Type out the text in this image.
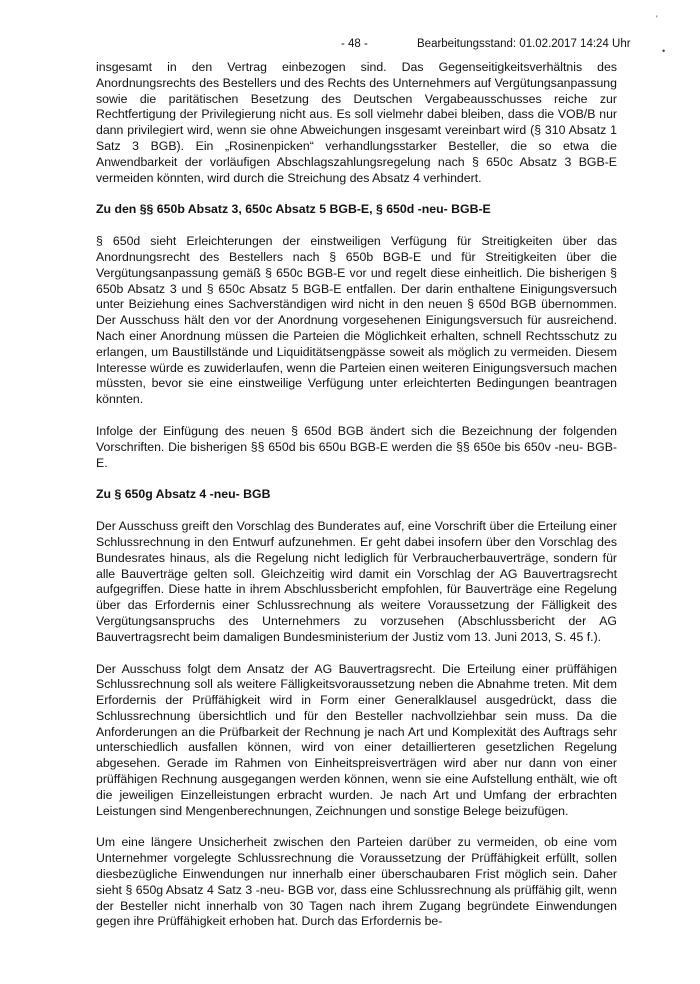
'
•
- 48 -	Bearbeitungsstand: 01.02.2017 14:24 Uhr

insgesamt in den Vertrag einbezogen sind. Das Gegenseitigkeitsverhältnis des Anordnungsrechts des Bestellers und des Rechts des Unternehmers auf Vergütungsanpassung sowie die paritätischen Besetzung des Deutschen Vergabeausschusses reiche zur Rechtfertigung der Privilegierung nicht aus. Es soll vielmehr dabei bleiben, dass die VOB/B nur dann privilegiert wird, wenn sie ohne Abweichungen insgesamt vereinbart wird (§ 310 Absatz 1 Satz 3 BGB). Ein „Rosinenpicken“ verhandlungsstarker Besteller, die so etwa die Anwendbarkeit der vorläufigen Abschlagszahlungsregelung nach § 650c Absatz 3 BGB-E vermeiden könnten, wird durch die Streichung des Absatz 4 verhindert.

Zu den §§ 650b Absatz 3, 650c Absatz 5 BGB-E, § 650d -neu- BGB-E

§ 650d sieht Erleichterungen der einstweiligen Verfügung für Streitigkeiten über das Anordnungsrecht des Bestellers nach § 650b BGB-E und für Streitigkeiten über die Vergütungsanpassung gemäß § 650c BGB-E vor und regelt diese einheitlich. Die bisherigen § 650b Absatz 3 und § 650c Absatz 5 BGB-E entfallen. Der darin enthaltene Einigungsversuch unter Beiziehung eines Sachverständigen wird nicht in den neuen § 650d BGB übernommen. Der Ausschuss hält den vor der Anordnung vorgesehenen Einigungsversuch für ausreichend. Nach einer Anordnung müssen die Parteien die Möglichkeit erhalten, schnell Rechtsschutz zu erlangen, um Baustillstände und Liquiditätsengpässe soweit als möglich zu vermeiden. Diesem Interesse würde es zuwiderlaufen, wenn die Parteien einen weiteren Einigungsversuch machen müssten, bevor sie eine einstweilige Verfügung unter erleichterten Bedingungen beantragen könnten.

Infolge der Einfügung des neuen § 650d BGB ändert sich die Bezeichnung der folgenden Vorschriften. Die bisherigen §§ 650d bis 650u BGB-E werden die §§ 650e bis 650v -neu- BGB-E.

Zu § 650g Absatz 4 -neu- BGB

Der Ausschuss greift den Vorschlag des Bunderates auf, eine Vorschrift über die Erteilung einer Schlussrechnung in den Entwurf aufzunehmen. Er geht dabei insofern über den Vorschlag des Bundesrates hinaus, als die Regelung nicht lediglich für Verbraucherbauverträge, sondern für alle Bauverträge gelten soll. Gleichzeitig wird damit ein Vorschlag der AG Bauvertragsrecht aufgegriffen. Diese hatte in ihrem Abschlussbericht empfohlen, für Bauverträge eine Regelung über das Erfordernis einer Schlussrechnung als weitere Voraussetzung der Fälligkeit des Vergütungsanspruchs des Unternehmers zu vorzusehen (Abschlussbericht der AG Bauvertragsrecht beim damaligen Bundesministerium der Justiz vom 13. Juni 2013, S. 45 f.).

Der Ausschuss folgt dem Ansatz der AG Bauvertragsrecht. Die Erteilung einer prüffähigen Schlussrechnung soll als weitere Fälligkeitsvoraussetzung neben die Abnahme treten. Mit dem Erfordernis der Prüffähigkeit wird in Form einer Generalklausel ausgedrückt, dass die Schlussrechnung übersichtlich und für den Besteller nachvollziehbar sein muss. Da die Anforderungen an die Prüfbarkeit der Rechnung je nach Art und Komplexität des Auftrags sehr unterschiedlich ausfallen können, wird von einer detaillierteren gesetzlichen Regelung abgesehen. Gerade im Rahmen von Einheitspreisverträgen wird aber nur dann von einer prüffähigen Rechnung ausgegangen werden können, wenn sie eine Aufstellung enthält, wie oft die jeweiligen Einzelleistungen erbracht wurden. Je nach Art und Umfang der erbrachten Leistungen sind Mengenberechnungen, Zeichnungen und sonstige Belege beizufügen.

Um eine längere Unsicherheit zwischen den Parteien darüber zu vermeiden, ob eine vom Unternehmer vorgelegte Schlussrechnung die Voraussetzung der Prüffähigkeit erfüllt, sollen diesbezügliche Einwendungen nur innerhalb einer überschaubaren Frist möglich sein. Daher sieht § 650g Absatz 4 Satz 3 -neu- BGB vor, dass eine Schlussrechnung als prüffähig gilt, wenn der Besteller nicht innerhalb von 30 Tagen nach ihrem Zugang begründete Einwendungen gegen ihre Prüffähigkeit erhoben hat. Durch das Erfordernis be-
